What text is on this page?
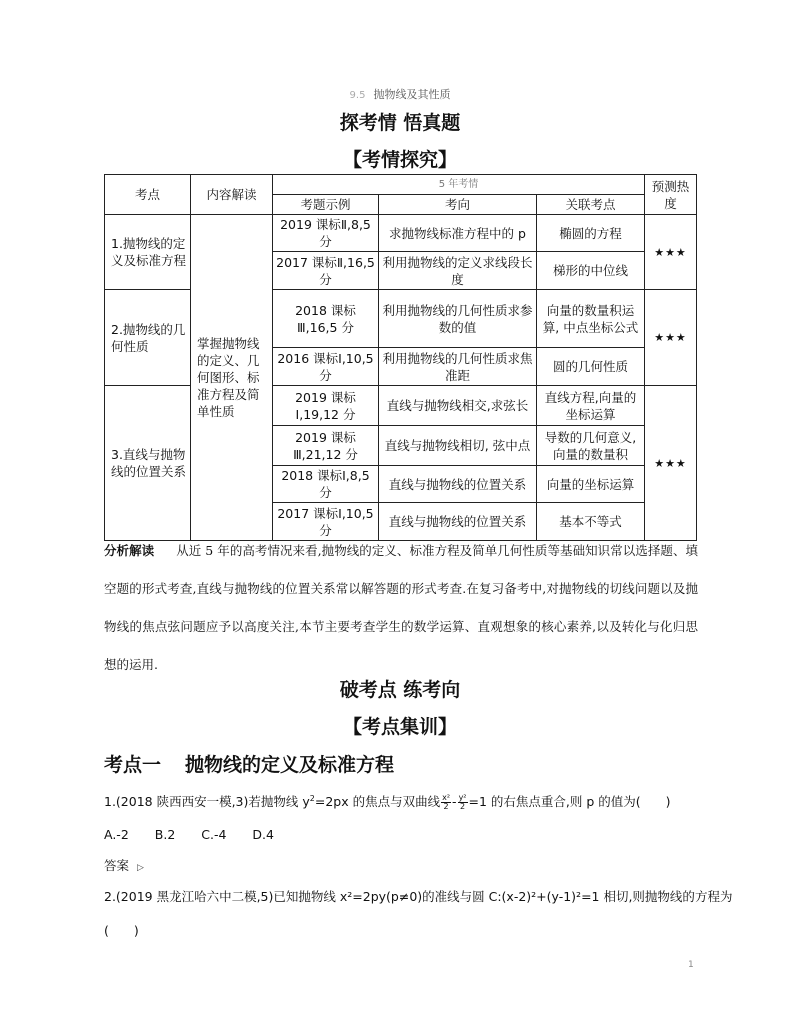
9.5 抛物线及其性质
探考情 悟真题
【考情探究】
考点	内容解读	5 年考情			预测热度
		考题示例	考向	关联考点	
1.抛物线的定义及标准方程	掌握抛物线的定义、几何图形、标准方程及简单性质	2019 课标Ⅱ,8,5 分	求抛物线标准方程中的 p	椭圆的方程	★★★
		2017 课标Ⅱ,16,5 分	利用抛物线的定义求线段长度	梯形的中位线	
2.抛物线的几何性质		2018 课标Ⅲ,16,5 分	利用抛物线的几何性质求参数的值	向量的数量积运算, 中点坐标公式	★★★
		2016 课标Ⅰ,10,5 分	利用抛物线的几何性质求焦准距	圆的几何性质	
3.直线与抛物线的位置关系		2019 课标Ⅰ,19,12 分	直线与抛物线相交,求弦长	直线方程,向量的坐标运算	★★★
		2019 课标Ⅲ,21,12 分	直线与抛物线相切, 弦中点	导数的几何意义, 向量的数量积	
		2018 课标Ⅰ,8,5 分	直线与抛物线的位置关系	向量的坐标运算	
		2017 课标Ⅰ,10,5 分	直线与抛物线的位置关系	基本不等式	
分析解读 从近 5 年的高考情况来看,抛物线的定义、标准方程及简单几何性质等基础知识常以选择题、填空题的形式考查,直线与抛物线的位置关系常以解答题的形式考查.在复习备考中,对抛物线的切线问题以及抛物线的焦点弦问题应予以高度关注,本节主要考查学生的数学运算、直观想象的核心素养,以及转化与化归思想的运用.
破考点 练考向
【考点集训】
考点一 抛物线的定义及标准方程
1.(2018 陕西西安一模,3)若抛物线 $y^2=2px$ 的焦点与双曲线 $\frac{\text{x²}}{2} - \frac{\text{y²}}{2} =1$ 的右焦点重合,则 p 的值为(　　)
A.-2 B.2 C.-4 D.4
答案 ▷
2.(2019 黑龙江哈六中二模,5)已知抛物线 x²=2py(p≠0)的准线与圆 C:(x-2)²+(y-1)²=1 相切,则抛物线的方程为
(　　)
1
